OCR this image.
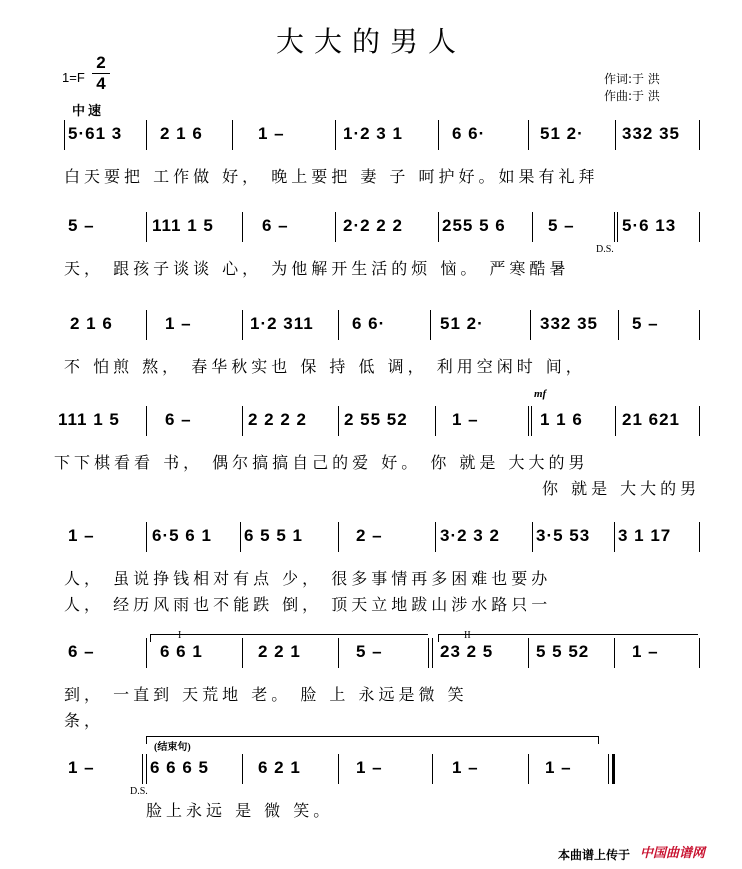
大大的男人
1=F
2
4
中速
作词:于 洪
作曲:于 洪
5·61 3 2 1 6	1 –	1·2 3 1	6 6·	51 2· 332 35
白天要把 工作做 好， 晚上要把 妻 子 呵护好。如果有礼拜
5 –	111 1 5	6 –	2·2 2 2 255 5 6 5 –	5·6 13
D.S.
天， 跟孩子谈谈 心， 为他解开生活的烦 恼。 严寒酷暑
2 1 6	1 –	1·2 311 6 6·	51 2·	332 35 5 –
不 怕煎 熬， 春华秋实也 保 持 低 调， 利用空闲时 间，
mf
111 1 5	6 –	2 2 2 2 2 55 52	1 –	1 1 6 21 621
下下棋看看 书， 偶尔搞搞自己的爱 好。 你 就是 大大的男
你 就是 大大的男
1 –	6·5 6 1 6 5 5 1	2 –	3·2 3 2 3·5 53 3 1 17
人， 虽说挣钱相对有点 少， 很多事情再多困难也要办
人， 经历风雨也不能跌 倒， 顶天立地跋山涉水路只一
I	II
6 –	6 6 1	2 2 1	5 –	23 2 5	5 5 52	1 –
到， 一直到 天荒地 老。 脸 上 永远是微 笑
条，
(结束句)
1 –	6 6 6 5	6 2 1	1 –	1 –	1 –
D.S.
脸上永远 是 微 笑。
本曲谱上传于 中国曲谱网
